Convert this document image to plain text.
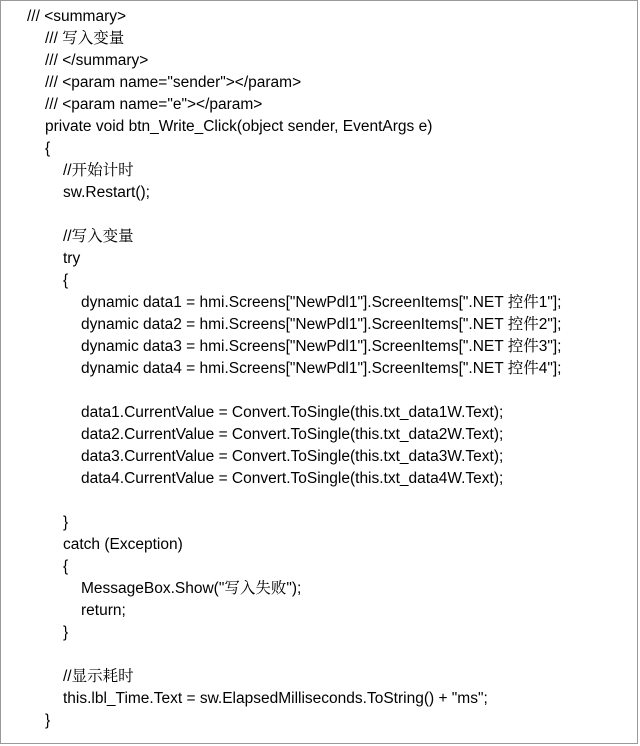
/// <summary>
/// 写入变量
/// </summary>
/// <param name="sender"></param>
/// <param name="e"></param>
private void btn_Write_Click(object sender, EventArgs e)
{
//开始计时
sw.Restart();
//写入变量
try
{
dynamic data1 = hmi.Screens["NewPdl1"].ScreenItems[".NET 控件1"];
dynamic data2 = hmi.Screens["NewPdl1"].ScreenItems[".NET 控件2"];
dynamic data3 = hmi.Screens["NewPdl1"].ScreenItems[".NET 控件3"];
dynamic data4 = hmi.Screens["NewPdl1"].ScreenItems[".NET 控件4"];
data1.CurrentValue = Convert.ToSingle(this.txt_data1W.Text);
data2.CurrentValue = Convert.ToSingle(this.txt_data2W.Text);
data3.CurrentValue = Convert.ToSingle(this.txt_data3W.Text);
data4.CurrentValue = Convert.ToSingle(this.txt_data4W.Text);
}
catch (Exception)
{
MessageBox.Show("写入失败");
return;
}
//显示耗时
this.lbl_Time.Text = sw.ElapsedMilliseconds.ToString() + "ms";
}
